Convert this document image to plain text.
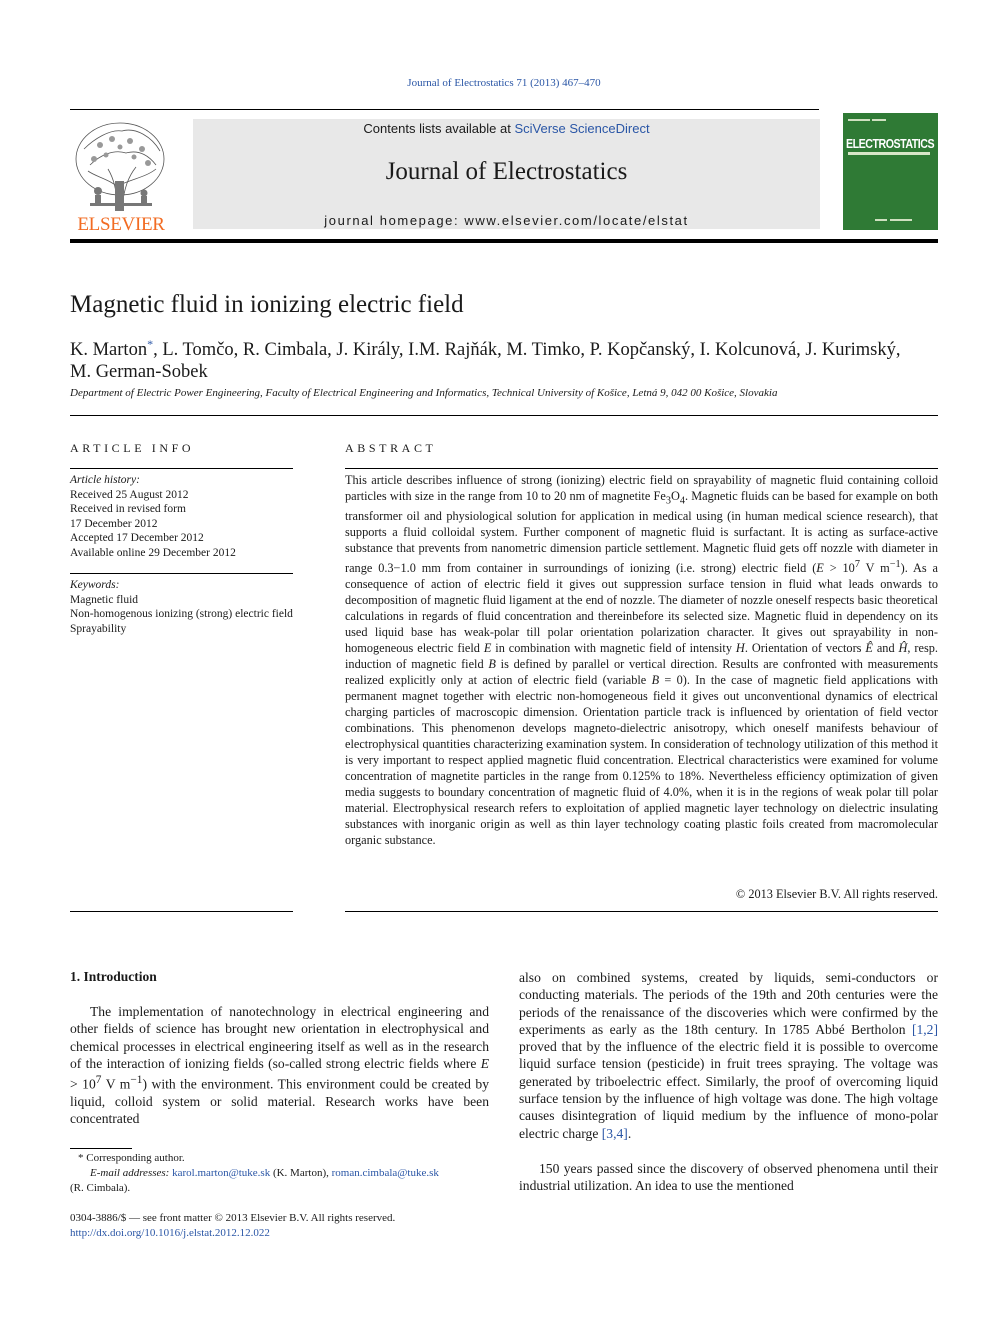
Journal of Electrostatics 71 (2013) 467–470
ELSEVIER
Contents lists available at SciVerse ScienceDirect
Journal of Electrostatics
journal homepage: www.elsevier.com/locate/elstat
ELECTROSTATICS
Magnetic fluid in ionizing electric field
K. Marton*, L. Tomčo, R. Cimbala, J. Király, I.M. Rajňák, M. Timko, P. Kopčanský, I. Kolcunová, J. Kurimský,
M. German-Sobek
Department of Electric Power Engineering, Faculty of Electrical Engineering and Informatics, Technical University of Košice, Letná 9, 042 00 Košice, Slovakia
ARTICLE INFO
Article history:
Received 25 August 2012
Received in revised form
17 December 2012
Accepted 17 December 2012
Available online 29 December 2012
Keywords:
Magnetic fluid
Non-homogenous ionizing (strong) electric field
Sprayability
ABSTRACT
This article describes influence of strong (ionizing) electric field on sprayability of magnetic fluid containing colloid particles with size in the range from 10 to 20 nm of magnetite $Fe_3O_4$. Magnetic fluids can be based for example on both transformer oil and physiological solution for application in medical using (in human medical science research), that supports a fluid colloidal system. Further component of magnetic fluid is surfactant. It is acting as surface-active substance that prevents from nanometric dimension particle settlement. Magnetic fluid gets off nozzle with diameter in range 0.3−1.0 mm from container in surroundings of ionizing (i.e. strong) electric field ($E > 10^7$ V $m^{-1}$). As a consequence of action of electric field it gives out suppression surface tension in fluid what leads onwards to decomposition of magnetic fluid ligament at the end of nozzle. The diameter of nozzle oneself respects basic theoretical calculations in regards of fluid concentration and thereinbefore its selected size. Magnetic fluid in dependency on its used liquid base has weak-polar till polar orientation polarization character. It gives out sprayability in non-homogeneous electric field E in combination with magnetic field of intensity H. Orientation of vectors Ê and Ĥ, resp. induction of magnetic field B is defined by parallel or vertical direction. Results are confronted with measurements realized explicitly only at action of electric field (variable B = 0). In the case of magnetic field applications with permanent magnet together with electric non-homogeneous field it gives out unconventional dynamics of electrical charging particles of macroscopic dimension. Orientation particle track is influenced by orientation of field vector combinations. This phenomenon develops magneto-dielectric anisotropy, which oneself manifests behaviour of electrophysical quantities characterizing examination system. In consideration of technology utilization of this method it is very important to respect applied magnetic fluid concentration. Electrical characteristics were examined for volume concentration of magnetite particles in the range from 0.125% to 18%. Nevertheless efficiency optimization of given media suggests to boundary concentration of magnetic fluid of 4.0%, when it is in the regions of weak polar till polar material. Electrophysical research refers to exploitation of applied magnetic layer technology on dielectric insulating substances with inorganic origin as well as thin layer technology coating plastic foils created from macromolecular organic substance.
© 2013 Elsevier B.V. All rights reserved.
1. Introduction
The implementation of nanotechnology in electrical engineering and other fields of science has brought new orientation in electrophysical and chemical processes in electrical engineering itself as well as in the research of the interaction of ionizing fields (so-called strong electric fields where $E > 10^7$ V $m^{-1}$) with the environment. This environment could be created by liquid, colloid system or solid material. Research works have been concentrated
also on combined systems, created by liquids, semi-conductors or conducting materials. The periods of the 19th and 20th centuries were the periods of the renaissance of the discoveries which were confirmed by the experiments as early as the 18th century. In 1785 Abbé Bertholon [1,2] proved that by the influence of the electric field it is possible to overcome liquid surface tension (pesticide) in fruit trees spraying. The voltage was generated by triboelectric effect. Similarly, the proof of overcoming liquid surface tension by the influence of high voltage was done. The high voltage causes disintegration of liquid medium by the influence of mono-polar electric charge [3,4].
150 years passed since the discovery of observed phenomena until their industrial utilization. An idea to use the mentioned
* Corresponding author.
E-mail addresses: karol.marton@tuke.sk (K. Marton), roman.cimbala@tuke.sk
(R. Cimbala).
0304-3886/$ — see front matter © 2013 Elsevier B.V. All rights reserved.
http://dx.doi.org/10.1016/j.elstat.2012.12.022
